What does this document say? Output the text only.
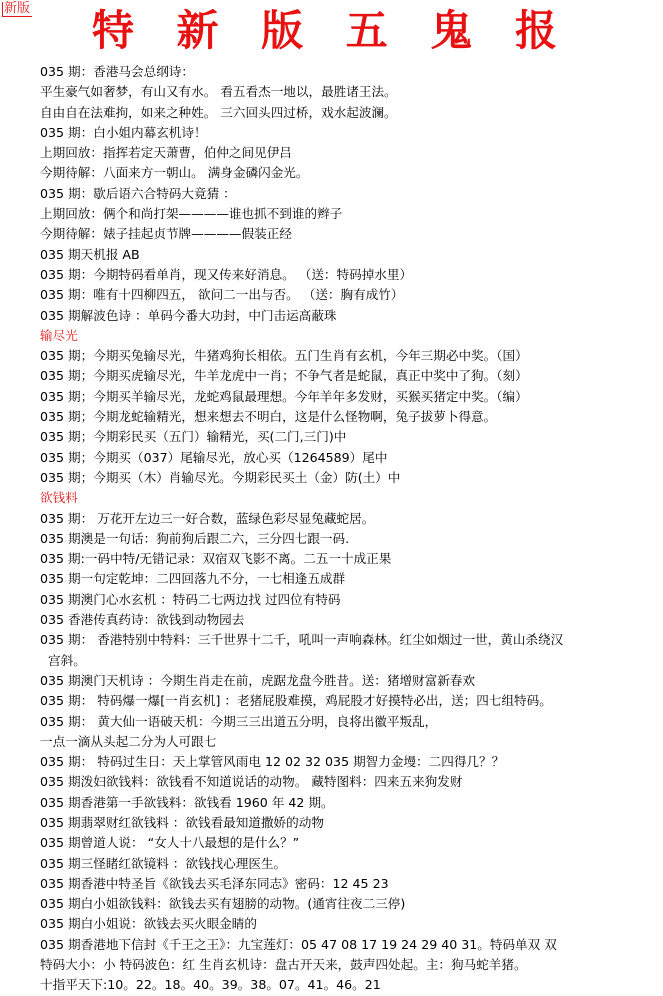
新版	特 新 版 五 鬼 报
035 期：香港马会总纲诗：
平生豪气如奢梦，有山又有水。 看五看杰一地以，最胜诸王法。
自由自在法难拘，如来之种姓。 三六回头四过桥，戏水起波澜。
035 期：白小姐内幕玄机诗！
上期回放：指挥若定天萧曹，伯仲之间见伊吕
今期待解：八面来方一朝山。 满身金磷闪金光。
035 期：歇后语六合特码大竟猜 ：
上期回放：俩个和尚打架————谁也抓不到谁的辫子
今期待解：婊子挂起贞节牌————假装正经
035 期天机报 AB
035 期：今期特码看单肖，现又传来好消息。 （送：特码掉水里）
035 期：唯有十四柳四五， 欲问二一出与否。 （送：胸有成竹）
035 期解波色诗 ：单码今番大功封，中门击运高蔽珠
输尽光
035 期；今期买兔输尽光，牛猪鸡狗长相依。五门生肖有玄机，今年三期必中奖。（国）
035 期；今期买虎输尽光，牛羊龙虎中一肖；不争气者是蛇鼠，真正中奖中了狗。（刻）
035 期；今期买羊输尽光，龙蛇鸡鼠最理想。今年羊年多发财，买猴买猪定中奖。（编）
035 期；今期龙蛇输精光，想来想去不明白，这是什么怪物啊，兔子拔萝卜得意。
035 期；今期彩民买（五门）输精光，买(二门,三门)中
035 期；今期买（037）尾输尽光，放心买（1264589）尾中
035 期；今期买（木）肖输尽光。今期彩民买土（金）防(土）中
欲钱料
035 期： 万花开左边三一好合数，蓝绿色彩尽显兔藏蛇居。
035 期澳是一句话：狗前狗后跟二六，三分四七跟一码.
035 期:一码中特/无错记录：双宿双飞影不离。二五一十成正果
035 期一句定乾坤：二四回落九不分，一七相逢五成群
035 期澳门心水玄机 ：特码二七两边找 过四位有特码
035 香港传真药诗：欲钱到动物园去
035 期： 香港特别中特料：三千世界十二千，吼叫一声响森林。红尘如烟过一世，黄山杀绕汉
宫斜。
035 期澳门天机诗 ：今期生肖走在前，虎踞龙盘今胜昔。送：猪增财富新春欢
035 期： 特码爆一爆[一肖玄机] ：老猪屁股难摸，鸡屁股才好摸特必出，送；四七组特码。
035 期： 黄大仙一语破天机：今期三三出道五分明，良将出徽平叛乱，
一点一滴从头起二分为人可跟七
035 期： 特码过生日：天上掌管风雨电 12 02 32 035 期智力金墁：二四得几？？
035 期泼妇欲钱料：欲钱看不知道说话的动物。 藏特图料：四来五来狗发财
035 期香港第一手欲钱料：欲钱看 1960 年 42 期。
035 期翡翠财红欲钱料 ：欲钱看最知道撒娇的动物
035 期曾道人说： “女人十八最想的是什么？”
035 期三怪睹红欲镜料 ：欲钱找心理医生。
035 期香港中特圣旨《欲钱去买毛泽东同志》密码：12 45 23
035 期白小姐欲钱料：欲钱去买有翅膀的动物。(通宵往夜二三停)
035 期白小姐说：欲钱去买火眼金睛的
035 期香港地下信封《千王之王》：九宝莲灯：05 47 08 17 19 24 29 40 31。特码单双 双
特码大小：小 特码波色：红 生肖玄机诗：盘古开天来，鼓声四处起。主：狗马蛇羊猪。
十指平天下:10。22。18。40。39。38。07。41。46。21
